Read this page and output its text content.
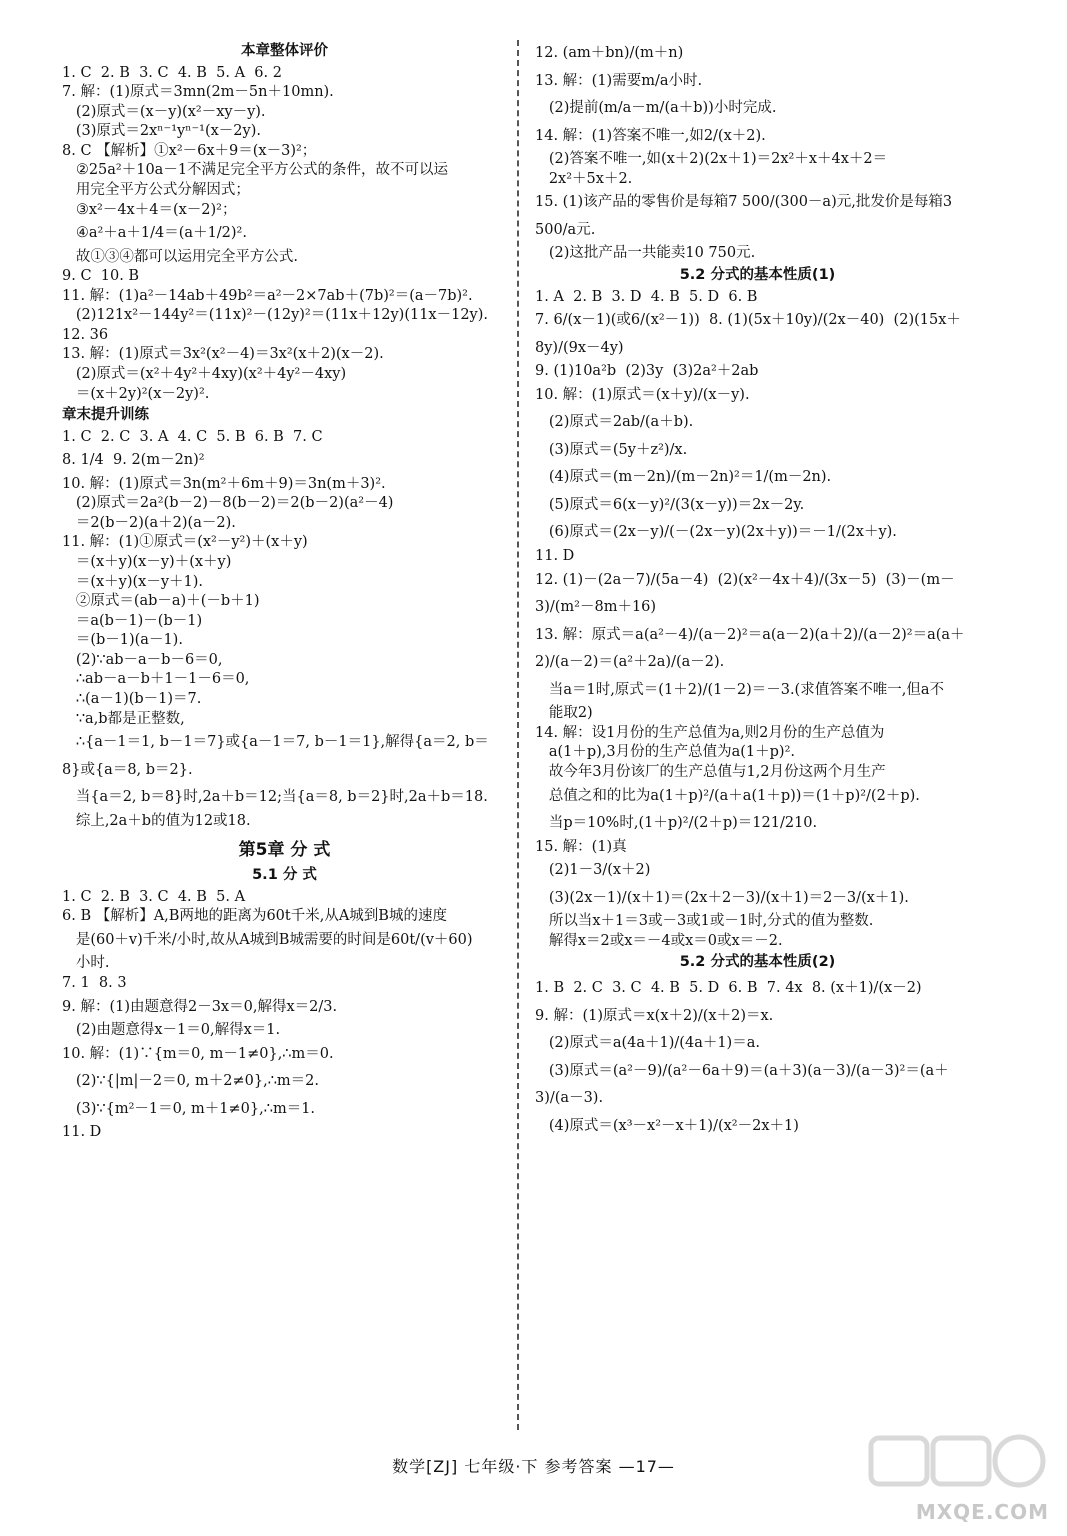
本章整体评价

1. C  2. B  3. C  4. B  5. A  6. 2

7. 解：(1)原式＝3mn(2m－5n＋10mn).

(2)原式＝(x－y)(x²－xy－y).

(3)原式＝2xⁿ⁻¹yⁿ⁻¹(x－2y).

8. C 【解析】①x²－6x＋9＝(x－3)²；

②25a²＋10a－1不满足完全平方公式的条件，故不可以运

用完全平方公式分解因式；

③x²－4x＋4＝(x－2)²；

④a²＋a＋1/4＝(a＋1/2)².

故①③④都可以运用完全平方公式.

9. C  10. B

11. 解：(1)a²－14ab＋49b²＝a²－2×7ab＋(7b)²＝(a－7b)².

(2)121x²－144y²＝(11x)²－(12y)²＝(11x＋12y)(11x－12y).

12. 36

13. 解：(1)原式＝3x²(x²－4)＝3x²(x＋2)(x－2).

(2)原式＝(x²＋4y²＋4xy)(x²＋4y²－4xy)

＝(x＋2y)²(x－2y)².

章末提升训练

1. C  2. C  3. A  4. C  5. B  6. B  7. C

8. 1/4  9. 2(m－2n)²

10. 解：(1)原式＝3n(m²＋6m＋9)＝3n(m＋3)².

(2)原式＝2a²(b－2)－8(b－2)＝2(b－2)(a²－4)

＝2(b－2)(a＋2)(a－2).

11. 解：(1)①原式＝(x²－y²)＋(x＋y)

＝(x＋y)(x－y)＋(x＋y)

＝(x＋y)(x－y＋1).

②原式＝(ab－a)＋(－b＋1)

＝a(b－1)－(b－1)

＝(b－1)(a－1).

(2)∵ab－a－b－6＝0,

∴ab－a－b＋1－1－6＝0,

∴(a－1)(b－1)＝7.

∵a,b都是正整数,

∴{a－1＝1, b－1＝7}或{a－1＝7, b－1＝1},解得{a＝2, b＝8}或{a＝8, b＝2}.

当{a＝2, b＝8}时,2a＋b＝12;当{a＝8, b＝2}时,2a＋b＝18.

综上,2a＋b的值为12或18.

第5章 分 式
5.1 分 式

1. C  2. B  3. C  4. B  5. A

6. B 【解析】A,B两地的距离为60t千米,从A城到B城的速度

是(60＋v)千米/小时,故从A城到B城需要的时间是60t/(v＋60)

小时.

7. 1  8. 3

9. 解：(1)由题意得2－3x＝0,解得x＝2/3.

(2)由题意得x－1＝0,解得x＝1.

10. 解：(1)∵{m＝0, m－1≠0},∴m＝0.

(2)∵{|m|－2＝0, m＋2≠0},∴m＝2.

(3)∵{m²－1＝0, m＋1≠0},∴m＝1.

11. D

12. (am＋bn)/(m＋n)

13. 解：(1)需要m/a小时.

(2)提前(m/a－m/(a＋b))小时完成.

14. 解：(1)答案不唯一,如2/(x＋2).

(2)答案不唯一,如(x＋2)(2x＋1)＝2x²＋x＋4x＋2＝

2x²＋5x＋2.

15. (1)该产品的零售价是每箱7 500/(300－a)元,批发价是每箱3 500/a元.

(2)这批产品一共能卖10 750元.

5.2 分式的基本性质(1)

1. A  2. B  3. D  4. B  5. D  6. B

7. 6/(x－1)(或6/(x²－1))  8. (1)(5x＋10y)/(2x－40)  (2)(15x＋8y)/(9x－4y)

9. (1)10a²b  (2)3y  (3)2a²＋2ab

10. 解：(1)原式＝(x＋y)/(x－y).

(2)原式＝2ab/(a＋b).

(3)原式＝(5y＋z²)/x.

(4)原式＝(m－2n)/(m－2n)²＝1/(m－2n).

(5)原式＝6(x－y)²/(3(x－y))＝2x－2y.

(6)原式＝(2x－y)/(－(2x－y)(2x＋y))＝－1/(2x＋y).

11. D

12. (1)－(2a－7)/(5a－4)  (2)(x²－4x＋4)/(3x－5)  (3)－(m－3)/(m²－8m＋16)

13. 解：原式＝a(a²－4)/(a－2)²＝a(a－2)(a＋2)/(a－2)²＝a(a＋2)/(a－2)＝(a²＋2a)/(a－2).

当a＝1时,原式＝(1＋2)/(1－2)＝－3.(求值答案不唯一,但a不

能取2)

14. 解：设1月份的生产总值为a,则2月份的生产总值为

a(1＋p),3月份的生产总值为a(1＋p)².

故今年3月份该厂的生产总值与1,2月份这两个月生产

总值之和的比为a(1＋p)²/(a＋a(1＋p))＝(1＋p)²/(2＋p).

当p＝10%时,(1＋p)²/(2＋p)＝121/210.

15. 解：(1)真

(2)1－3/(x＋2)

(3)(2x－1)/(x＋1)＝(2x＋2－3)/(x＋1)＝2－3/(x＋1).

所以当x＋1＝3或－3或1或－1时,分式的值为整数.

解得x＝2或x＝－4或x＝0或x＝－2.

5.2 分式的基本性质(2)

1. B  2. C  3. C  4. B  5. D  6. B  7. 4x  8. (x＋1)/(x－2)

9. 解：(1)原式＝x(x＋2)/(x＋2)＝x.

(2)原式＝a(4a＋1)/(4a＋1)＝a.

(3)原式＝(a²－9)/(a²－6a＋9)＝(a＋3)(a－3)/(a－3)²＝(a＋3)/(a－3).

(4)原式＝(x³－x²－x＋1)/(x²－2x＋1)

数学[ZJ] 七年级·下 参考答案 —17—
MXQE.COM
